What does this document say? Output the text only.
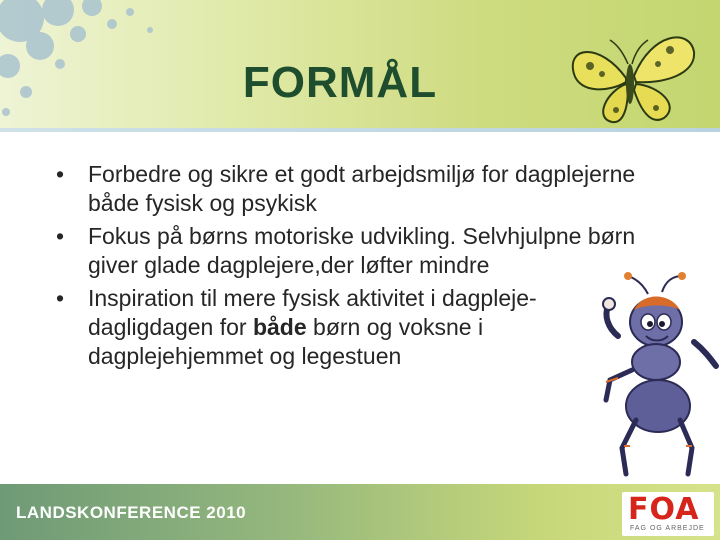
FORMÅL
• Forbedre og sikre et godt arbejdsmiljø for dagplejerne både fysisk og psykisk
• Fokus på børns motoriske udvikling. Selvhjulpne børn giver glade dagplejere,der løfter mindre
• Inspiration til mere fysisk aktivitet i dagpleje-dagligdagen for både børn og voksne i dagplejehjemmet og legestuen
LANDSKONFERENCE 2010	FOA
FAG OG ARBEJDE
